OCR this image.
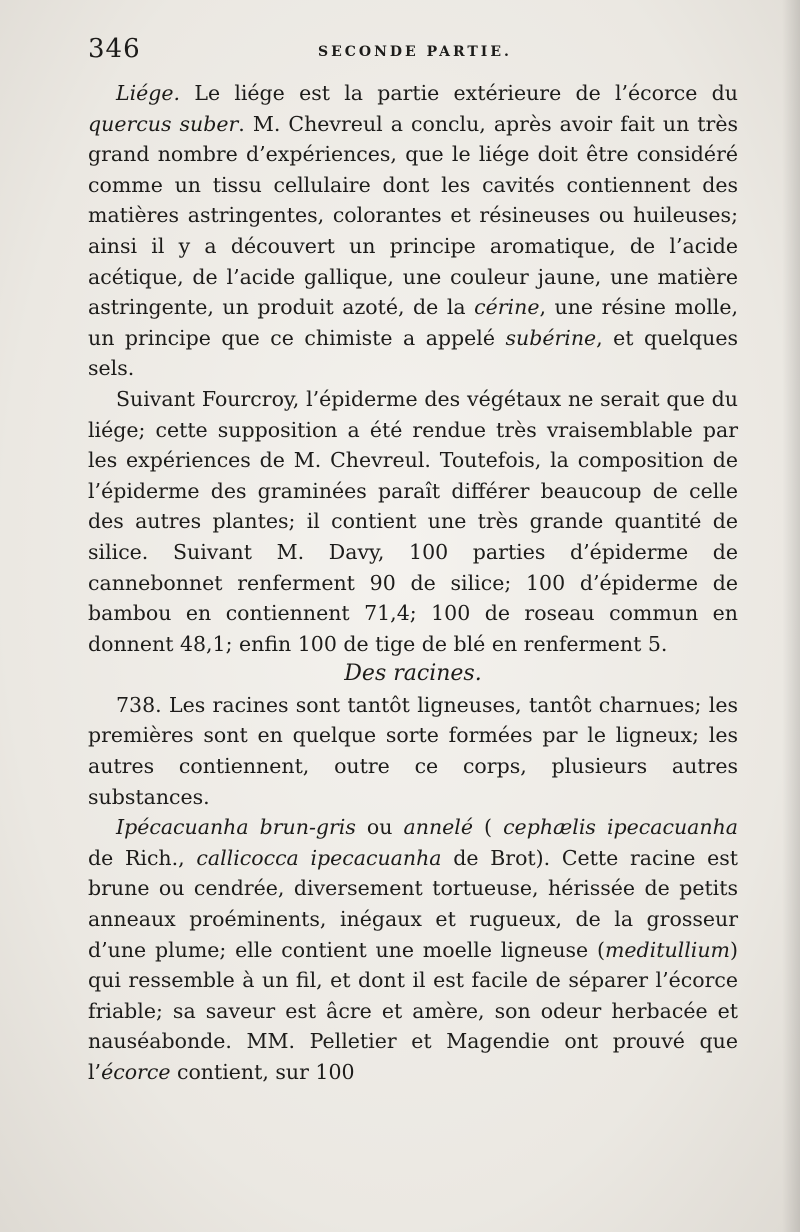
346	SECONDE PARTIE.

Liége. Le liége est la partie extérieure de l’écorce du quercus suber. M. Chevreul a conclu, après avoir fait un très grand nombre d’expériences, que le liége doit être considéré comme un tissu cellulaire dont les cavités contiennent des matières astringentes, colorantes et résineuses ou huileuses; ainsi il y a découvert un principe aromatique, de l’acide acétique, de l’acide gallique, une couleur jaune, une matière astringente, un produit azoté, de la cérine, une résine molle, un principe que ce chimiste a appelé subérine, et quelques sels.

Suivant Fourcroy, l’épiderme des végétaux ne serait que du liége; cette supposition a été rendue très vraisemblable par les expériences de M. Chevreul. Toutefois, la composition de l’épiderme des graminées paraît différer beaucoup de celle des autres plantes; il contient une très grande quantité de silice. Suivant M. Davy, 100 parties d’épiderme de cannebonnet renferment 90 de silice; 100 d’épiderme de bambou en contiennent 71,4; 100 de roseau commun en donnent 48,1; enfin 100 de tige de blé en renferment 5.

Des racines.

738. Les racines sont tantôt ligneuses, tantôt charnues; les premières sont en quelque sorte formées par le ligneux; les autres contiennent, outre ce corps, plusieurs autres substances.

Ipécacuanha brun-gris ou annelé ( cephælis ipecacuanha de Rich., callicocca ipecacuanha de Brot). Cette racine est brune ou cendrée, diversement tortueuse, hérissée de petits anneaux proéminents, inégaux et rugueux, de la grosseur d’une plume; elle contient une moelle ligneuse (meditullium) qui ressemble à un fil, et dont il est facile de séparer l’écorce friable; sa saveur est âcre et amère, son odeur herbacée et nauséabonde. MM. Pelletier et Magendie ont prouvé que l’écorce contient, sur 100
